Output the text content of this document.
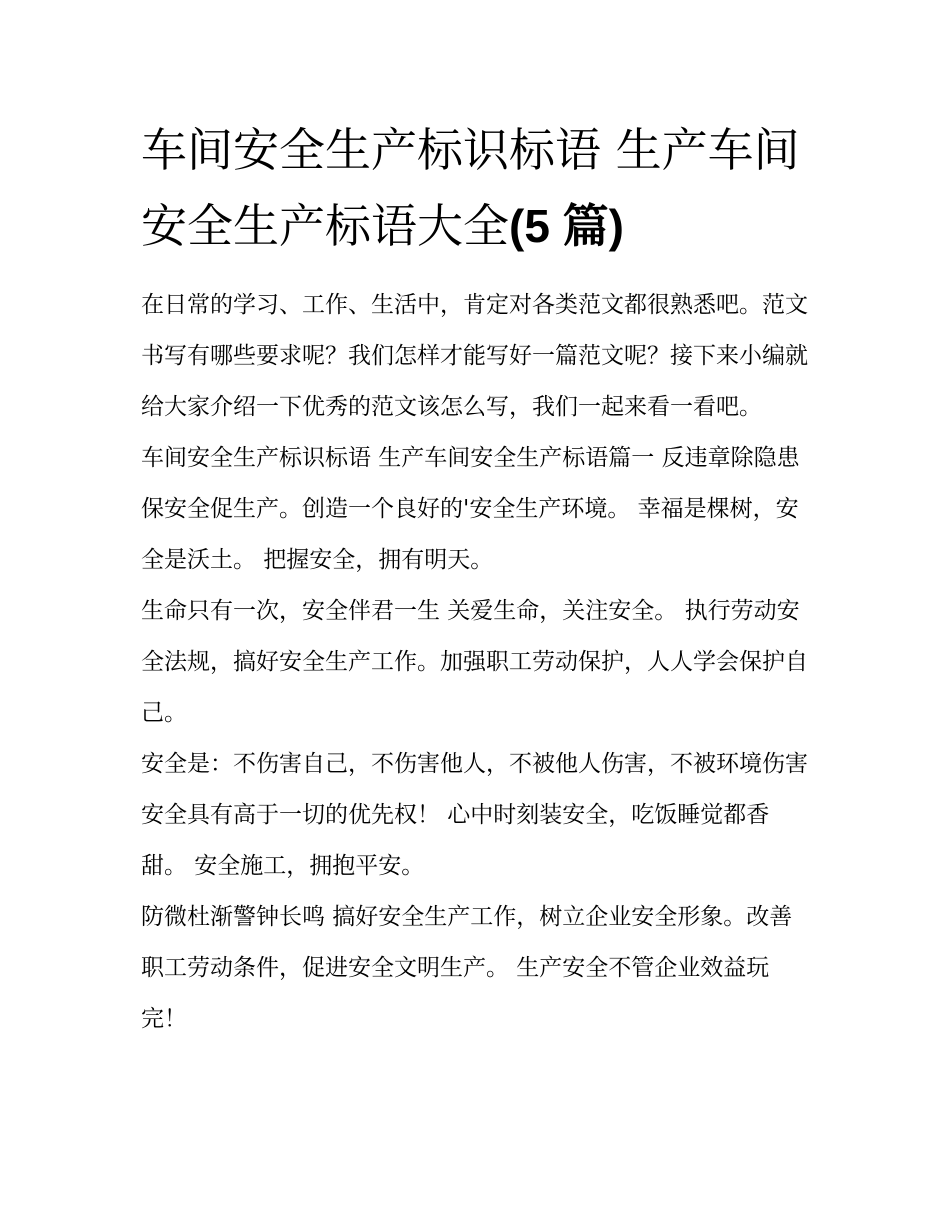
车间安全生产标识标语 生产车间安全生产标语大全(5 篇)

在日常的学习、工作、生活中，肯定对各类范文都很熟悉吧。范文书写有哪些要求呢？我们怎样才能写好一篇范文呢？接下来小编就给大家介绍一下优秀的范文该怎么写，我们一起来看一看吧。

车间安全生产标识标语 生产车间安全生产标语篇一 反违章除隐患保安全促生产。创造一个良好的'安全生产环境。 幸福是棵树，安全是沃土。 把握安全，拥有明天。

生命只有一次，安全伴君一生 关爱生命，关注安全。 执行劳动安全法规，搞好安全生产工作。加强职工劳动保护，人人学会保护自己。

安全是：不伤害自己，不伤害他人，不被他人伤害，不被环境伤害 安全具有高于一切的优先权！ 心中时刻装安全，吃饭睡觉都香甜。 安全施工，拥抱平安。

防微杜渐警钟长鸣 搞好安全生产工作，树立企业安全形象。改善职工劳动条件，促进安全文明生产。 生产安全不管企业效益玩完！
